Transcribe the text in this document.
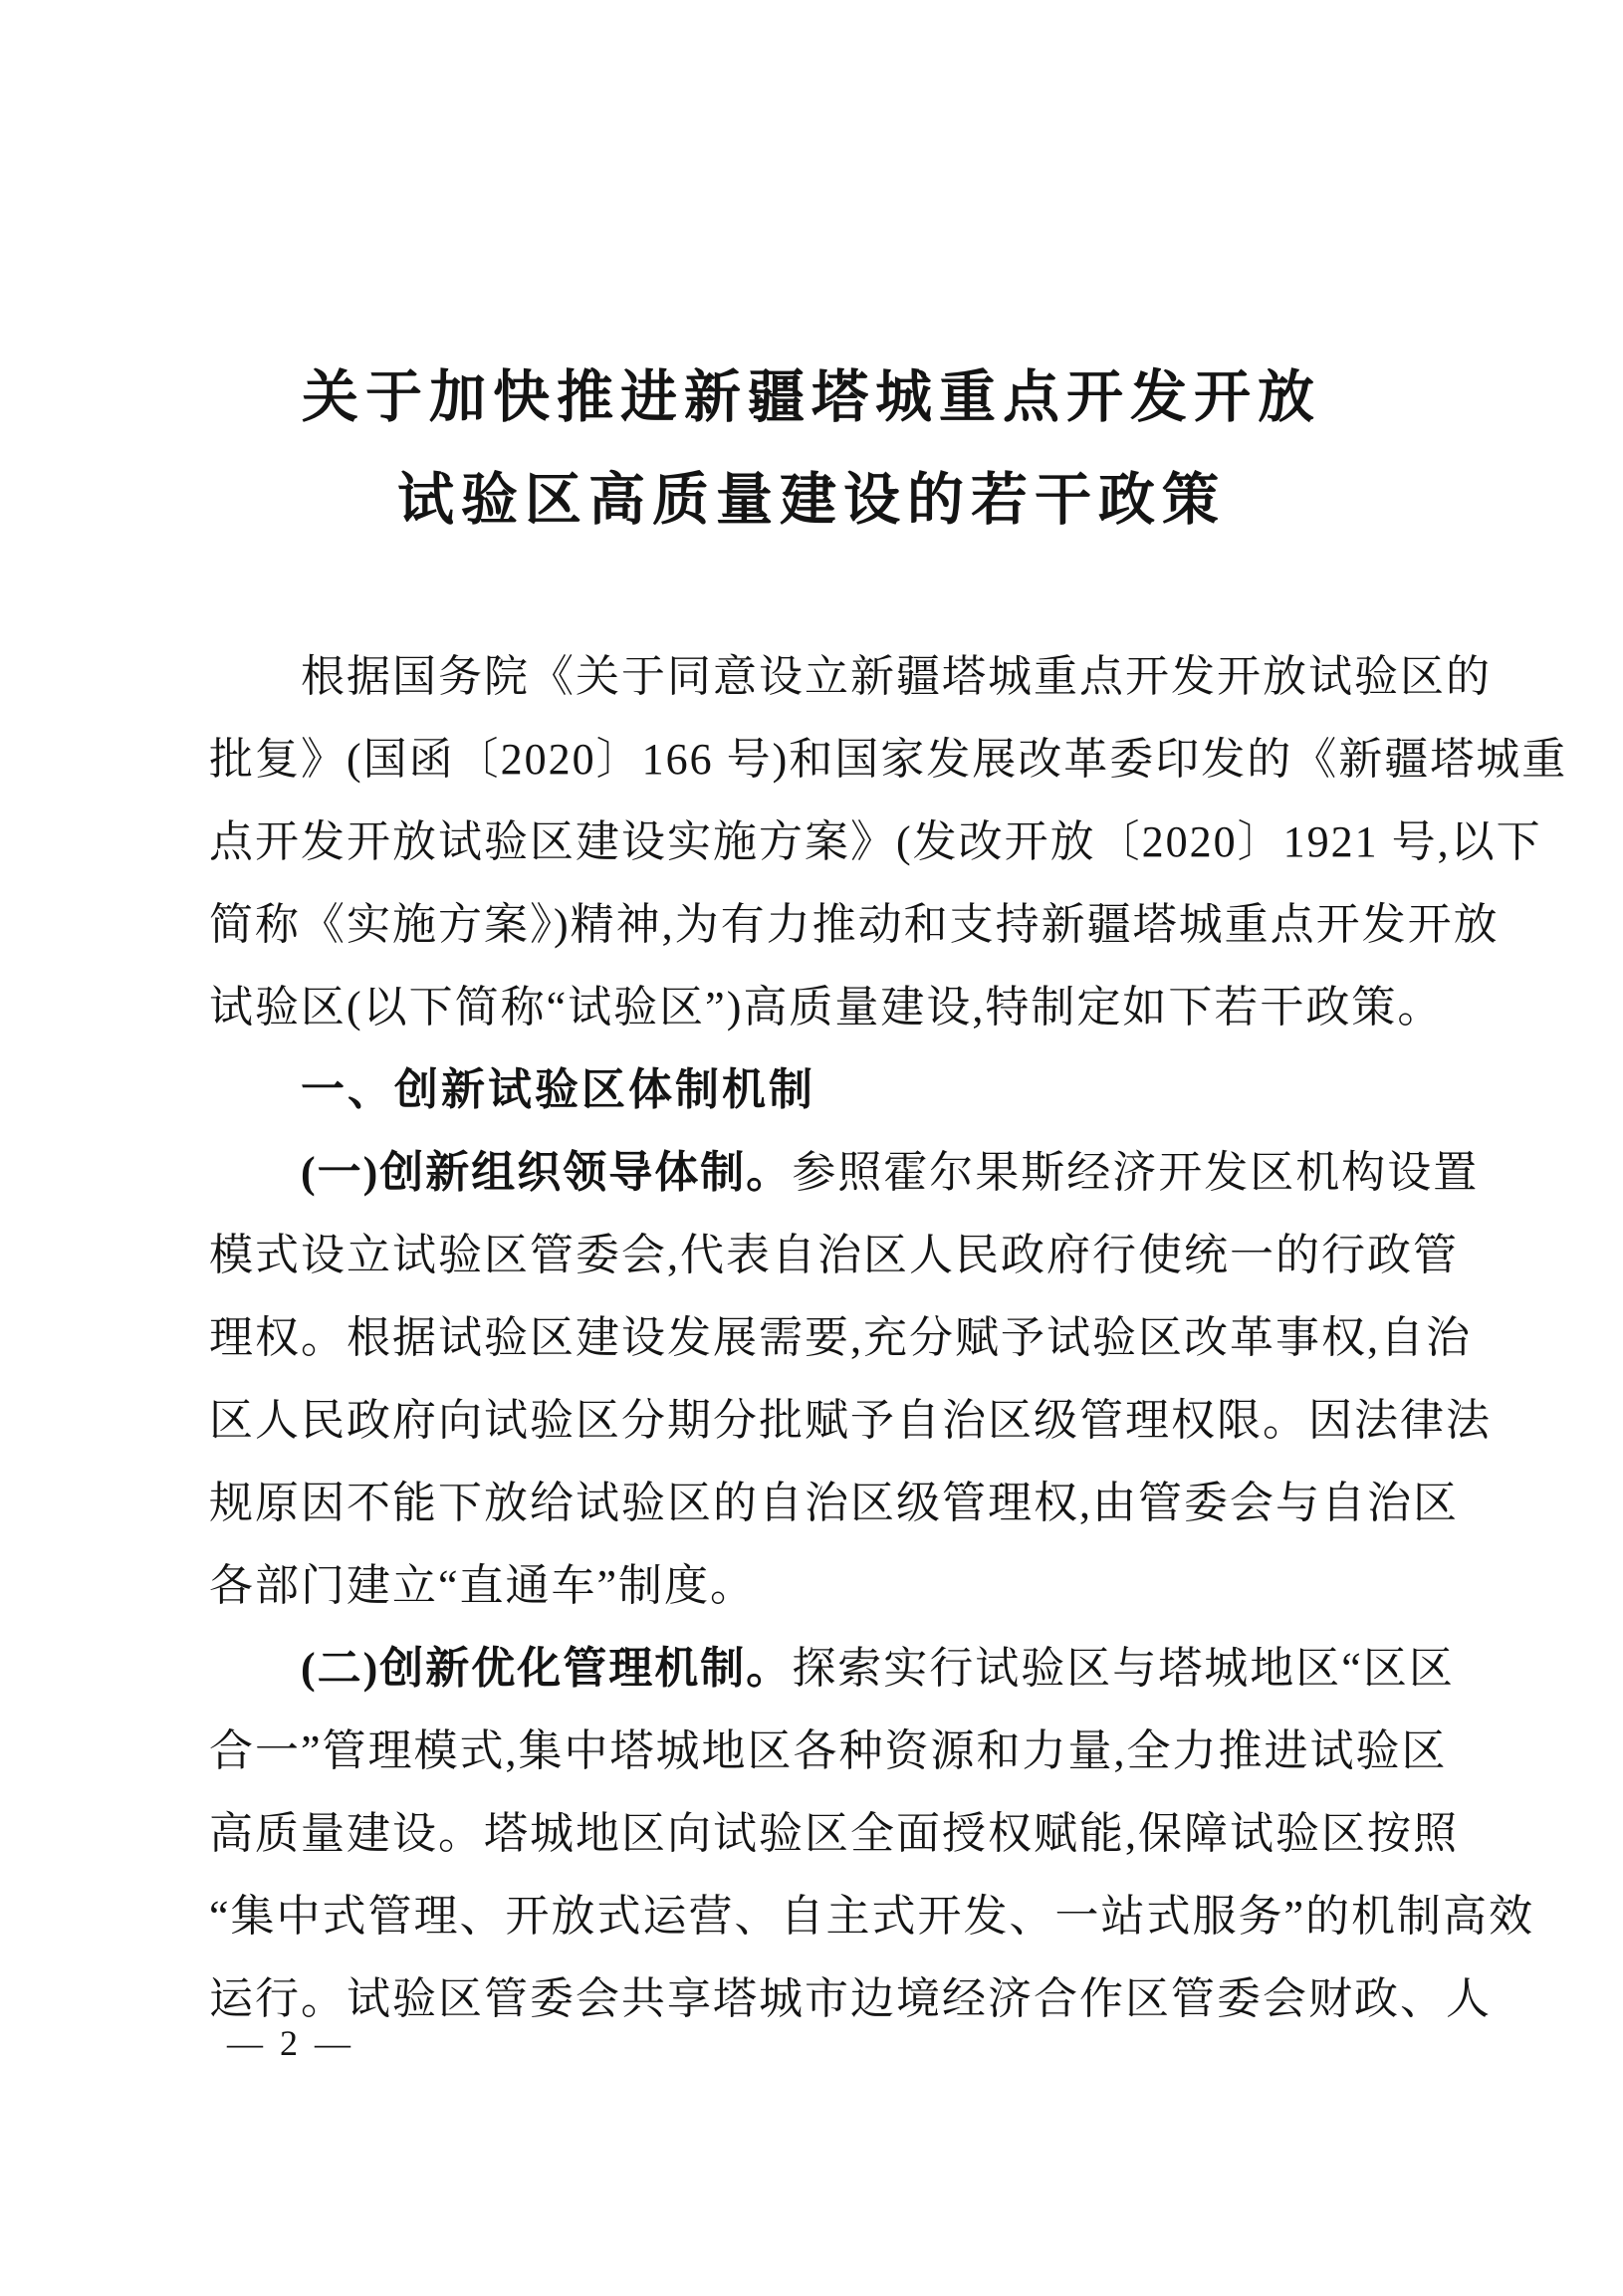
关于加快推进新疆塔城重点开发开放
试验区高质量建设的若干政策
根据国务院《关于同意设立新疆塔城重点开发开放试验区的
批复》(国函〔2020〕166 号)和国家发展改革委印发的《新疆塔城重
点开发开放试验区建设实施方案》(发改开放〔2020〕1921 号,以下
简称《实施方案》)精神,为有力推动和支持新疆塔城重点开发开放
试验区(以下简称“试验区”)高质量建设,特制定如下若干政策。
一、创新试验区体制机制
(一)创新组织领导体制。参照霍尔果斯经济开发区机构设置
模式设立试验区管委会,代表自治区人民政府行使统一的行政管
理权。根据试验区建设发展需要,充分赋予试验区改革事权,自治
区人民政府向试验区分期分批赋予自治区级管理权限。因法律法
规原因不能下放给试验区的自治区级管理权,由管委会与自治区
各部门建立“直通车”制度。
(二)创新优化管理机制。探索实行试验区与塔城地区“区区
合一”管理模式,集中塔城地区各种资源和力量,全力推进试验区
高质量建设。塔城地区向试验区全面授权赋能,保障试验区按照
“集中式管理、开放式运营、自主式开发、一站式服务”的机制高效
运行。试验区管委会共享塔城市边境经济合作区管委会财政、人
— 2 —
